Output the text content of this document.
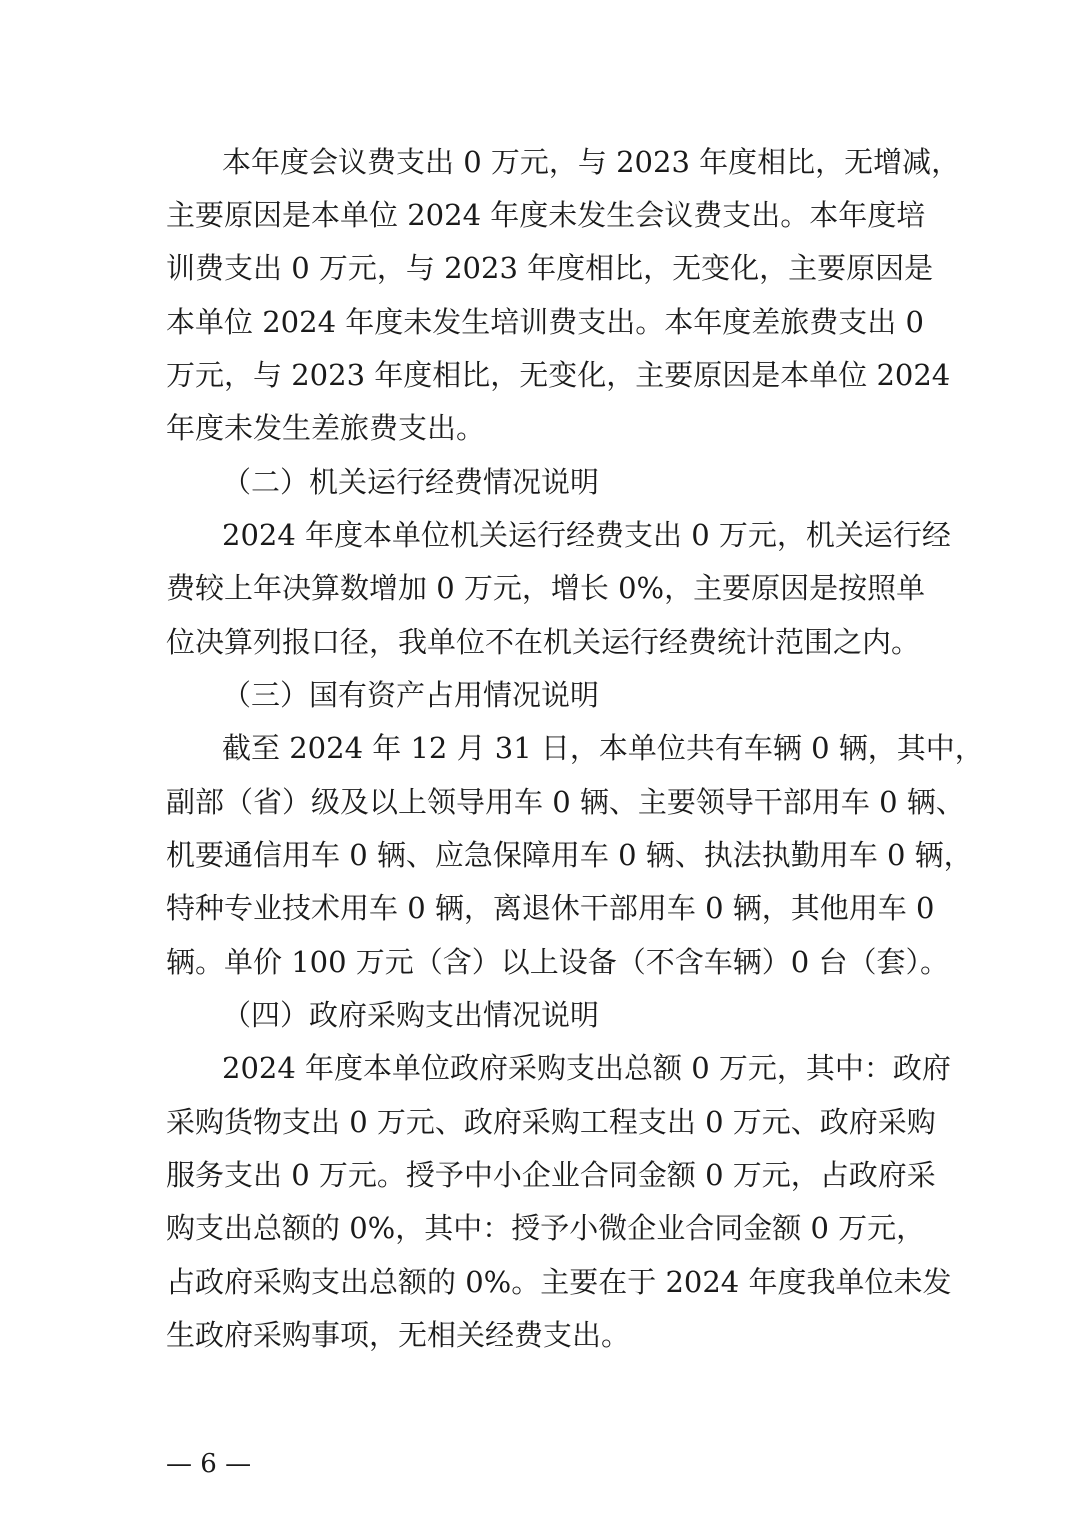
本年度会议费支出 0 万元，与 2023 年度相比，无增减，
主要原因是本单位 2024 年度未发生会议费支出。本年度培
训费支出 0 万元，与 2023 年度相比，无变化，主要原因是
本单位 2024 年度未发生培训费支出。本年度差旅费支出 0
万元，与 2023 年度相比，无变化，主要原因是本单位 2024
年度未发生差旅费支出。
（二）机关运行经费情况说明
2024 年度本单位机关运行经费支出 0 万元，机关运行经
费较上年决算数增加 0 万元，增长 0%，主要原因是按照单
位决算列报口径，我单位不在机关运行经费统计范围之内。
（三）国有资产占用情况说明
截至 2024 年 12 月 31 日，本单位共有车辆 0 辆，其中，
副部（省）级及以上领导用车 0 辆、主要领导干部用车 0 辆、
机要通信用车 0 辆、应急保障用车 0 辆、执法执勤用车 0 辆，
特种专业技术用车 0 辆，离退休干部用车 0 辆，其他用车 0
辆。单价 100 万元（含）以上设备（不含车辆）0 台（套）。
（四）政府采购支出情况说明
2024 年度本单位政府采购支出总额 0 万元，其中：政府
采购货物支出 0 万元、政府采购工程支出 0 万元、政府采购
服务支出 0 万元。授予中小企业合同金额 0 万元，占政府采
购支出总额的 0%，其中：授予小微企业合同金额 0 万元，
占政府采购支出总额的 0%。主要在于 2024 年度我单位未发
生政府采购事项，无相关经费支出。
— 6 —
